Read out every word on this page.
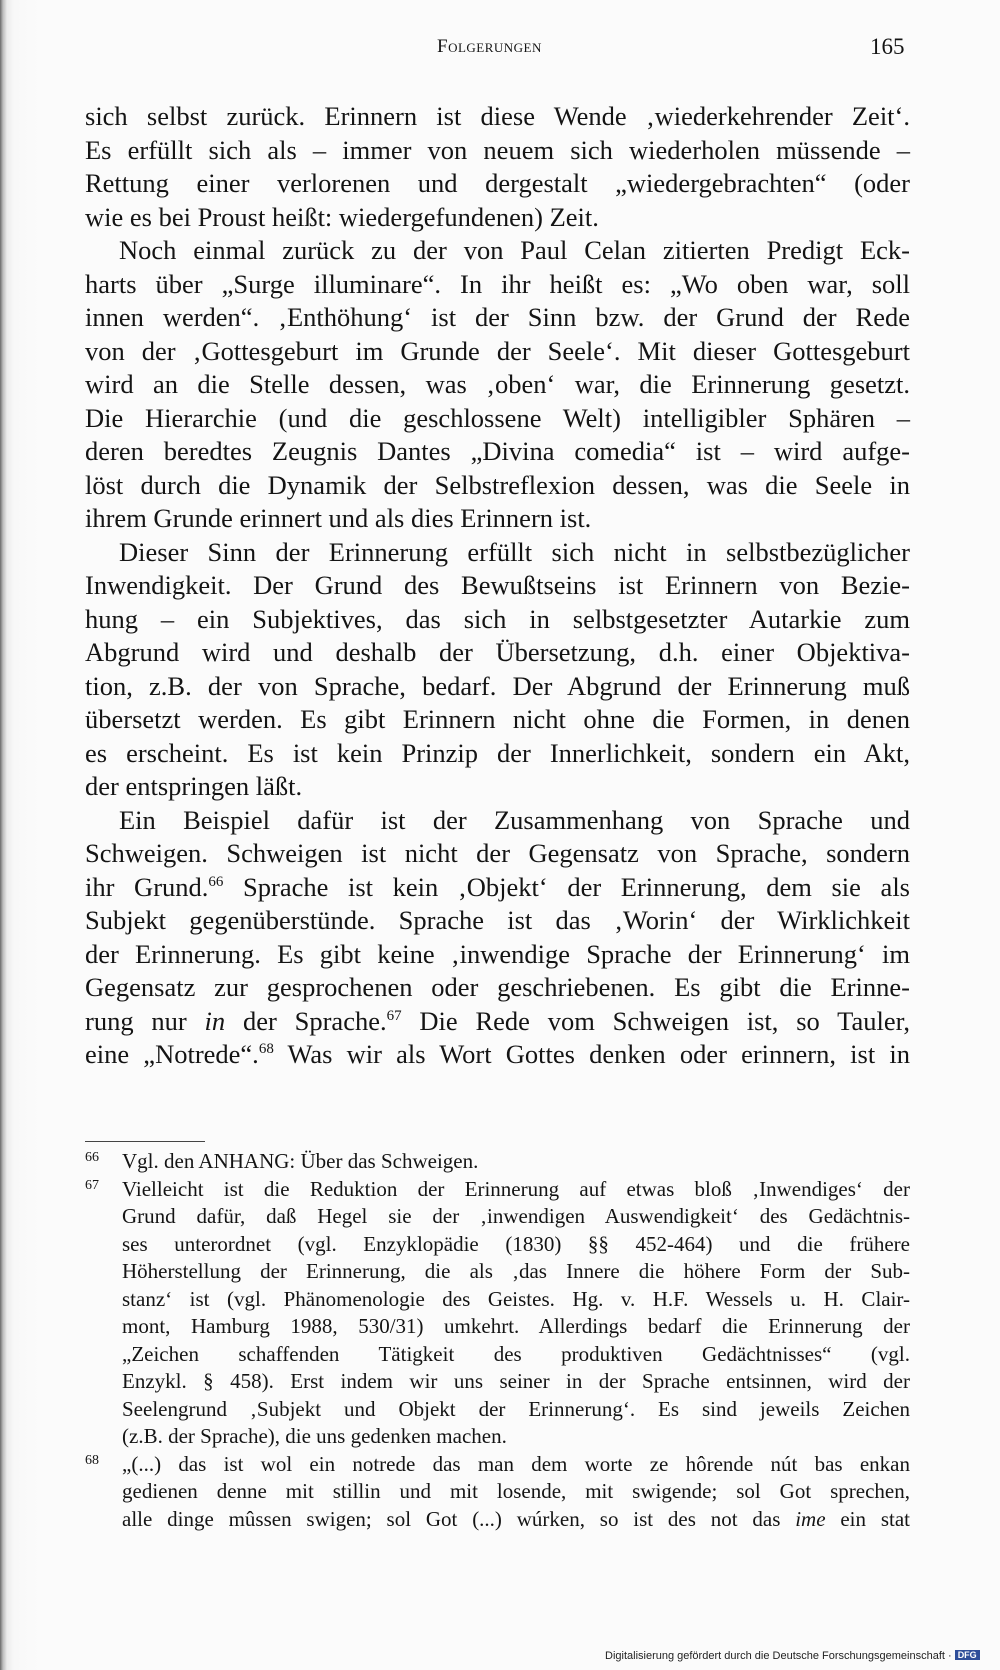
Folgerungen	165
sich selbst zurück. Erinnern ist diese Wende ‚wiederkehrender Zeit‘.
Es erfüllt sich als – immer von neuem sich wiederholen müssende –
Rettung einer verlorenen und dergestalt „wiedergebrachten“ (oder
wie es bei Proust heißt: wiedergefundenen) Zeit.
Noch einmal zurück zu der von Paul Celan zitierten Predigt Eck-
harts über „Surge illuminare“. In ihr heißt es: „Wo oben war, soll
innen werden“. ‚Enthöhung‘ ist der Sinn bzw. der Grund der Rede
von der ‚Gottesgeburt im Grunde der Seele‘. Mit dieser Gottesgeburt
wird an die Stelle dessen, was ‚oben‘ war, die Erinnerung gesetzt.
Die Hierarchie (und die geschlossene Welt) intelligibler Sphären –
deren beredtes Zeugnis Dantes „Divina comedia“ ist – wird aufge-
löst durch die Dynamik der Selbstreflexion dessen, was die Seele in
ihrem Grunde erinnert und als dies Erinnern ist.
Dieser Sinn der Erinnerung erfüllt sich nicht in selbstbezüglicher
Inwendigkeit. Der Grund des Bewußtseins ist Erinnern von Bezie-
hung – ein Subjektives, das sich in selbstgesetzter Autarkie zum
Abgrund wird und deshalb der Übersetzung, d.h. einer Objektiva-
tion, z.B. der von Sprache, bedarf. Der Abgrund der Erinnerung muß
übersetzt werden. Es gibt Erinnern nicht ohne die Formen, in denen
es erscheint. Es ist kein Prinzip der Innerlichkeit, sondern ein Akt,
der entspringen läßt.
Ein Beispiel dafür ist der Zusammenhang von Sprache und
Schweigen. Schweigen ist nicht der Gegensatz von Sprache, sondern
ihr Grund.$^{66}$ Sprache ist kein ‚Objekt‘ der Erinnerung, dem sie als
Subjekt gegenüberstünde. Sprache ist das ‚Worin‘ der Wirklichkeit
der Erinnerung. Es gibt keine ‚inwendige Sprache der Erinnerung‘ im
Gegensatz zur gesprochenen oder geschriebenen. Es gibt die Erinne-
rung nur in der Sprache.$^{67}$ Die Rede vom Schweigen ist, so Tauler,
eine „Notrede“.$^{68}$ Was wir als Wort Gottes denken oder erinnern, ist in
66 Vgl. den ANHANG: Über das Schweigen.
67 Vielleicht ist die Reduktion der Erinnerung auf etwas bloß ‚Inwendiges‘ der
Grund dafür, daß Hegel sie der ‚inwendigen Auswendigkeit‘ des Gedächtnis-
ses unterordnet (vgl. Enzyklopädie (1830) §§ 452-464) und die frühere
Höherstellung der Erinnerung, die als ‚das Innere die höhere Form der Sub-
stanz‘ ist (vgl. Phänomenologie des Geistes. Hg. v. H.F. Wessels u. H. Clair-
mont, Hamburg 1988, 530/31) umkehrt. Allerdings bedarf die Erinnerung der
„Zeichen schaffenden Tätigkeit des produktiven Gedächtnisses“ (vgl.
Enzykl. § 458). Erst indem wir uns seiner in der Sprache entsinnen, wird der
Seelengrund ‚Subjekt und Objekt der Erinnerung‘. Es sind jeweils Zeichen
(z.B. der Sprache), die uns gedenken machen.
68 „(...) das ist wol ein notrede das man dem worte ze hôrende nút bas enkan
gedienen denne mit stillin und mit losende, mit swigende; sol Got sprechen,
alle dinge mûssen swigen; sol Got (...) wúrken, so ist des not das ime ein stat
Digitalisierung gefördert durch die Deutsche Forschungsgemeinschaft · DFG
